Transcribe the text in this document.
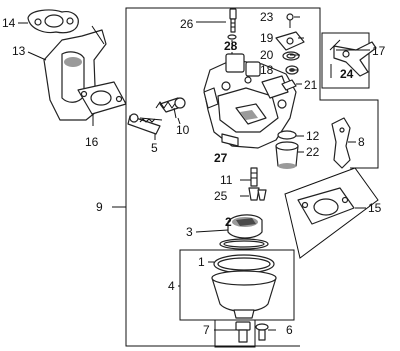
14
13
16
26
28
23
19
20
18
21
17
24
10
5
12
22
8
27
11
25
9	15
3
1
4
7	6
2
